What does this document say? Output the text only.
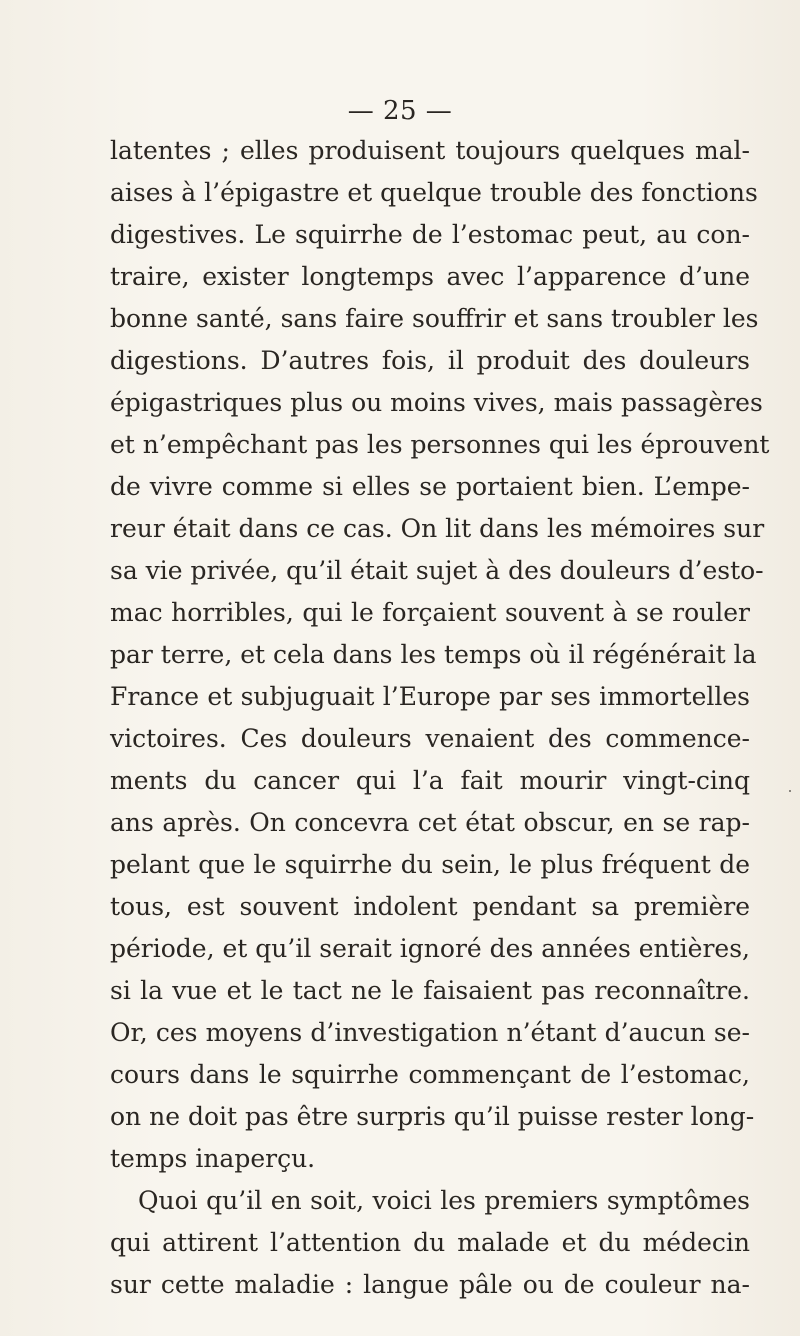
— 25 —
latentes ; elles produisent toujours quelques mal-
aises à l’épigastre et quelque trouble des fonctions
digestives. Le squirrhe de l’estomac peut, au con-
traire, exister longtemps avec l’apparence d’une
bonne santé, sans faire souffrir et sans troubler les
digestions. D’autres fois, il produit des douleurs
épigastriques plus ou moins vives, mais passagères
et n’empêchant pas les personnes qui les éprouvent
de vivre comme si elles se portaient bien. L’empe-
reur était dans ce cas. On lit dans les mémoires sur
sa vie privée, qu’il était sujet à des douleurs d’esto-
mac horribles, qui le forçaient souvent à se rouler
par terre, et cela dans les temps où il régénérait la
France et subjuguait l’Europe par ses immortelles
victoires. Ces douleurs venaient des commence-
ments du cancer qui l’a fait mourir vingt-cinq
ans après. On concevra cet état obscur, en se rap-
pelant que le squirrhe du sein, le plus fréquent de
tous, est souvent indolent pendant sa première
période, et qu’il serait ignoré des années entières,
si la vue et le tact ne le faisaient pas reconnaître.
Or, ces moyens d’investigation n’étant d’aucun se-
cours dans le squirrhe commençant de l’estomac,
on ne doit pas être surpris qu’il puisse rester long-
temps inaperçu.
Quoi qu’il en soit, voici les premiers symptômes
qui attirent l’attention du malade et du médecin
sur cette maladie : langue pâle ou de couleur na-
